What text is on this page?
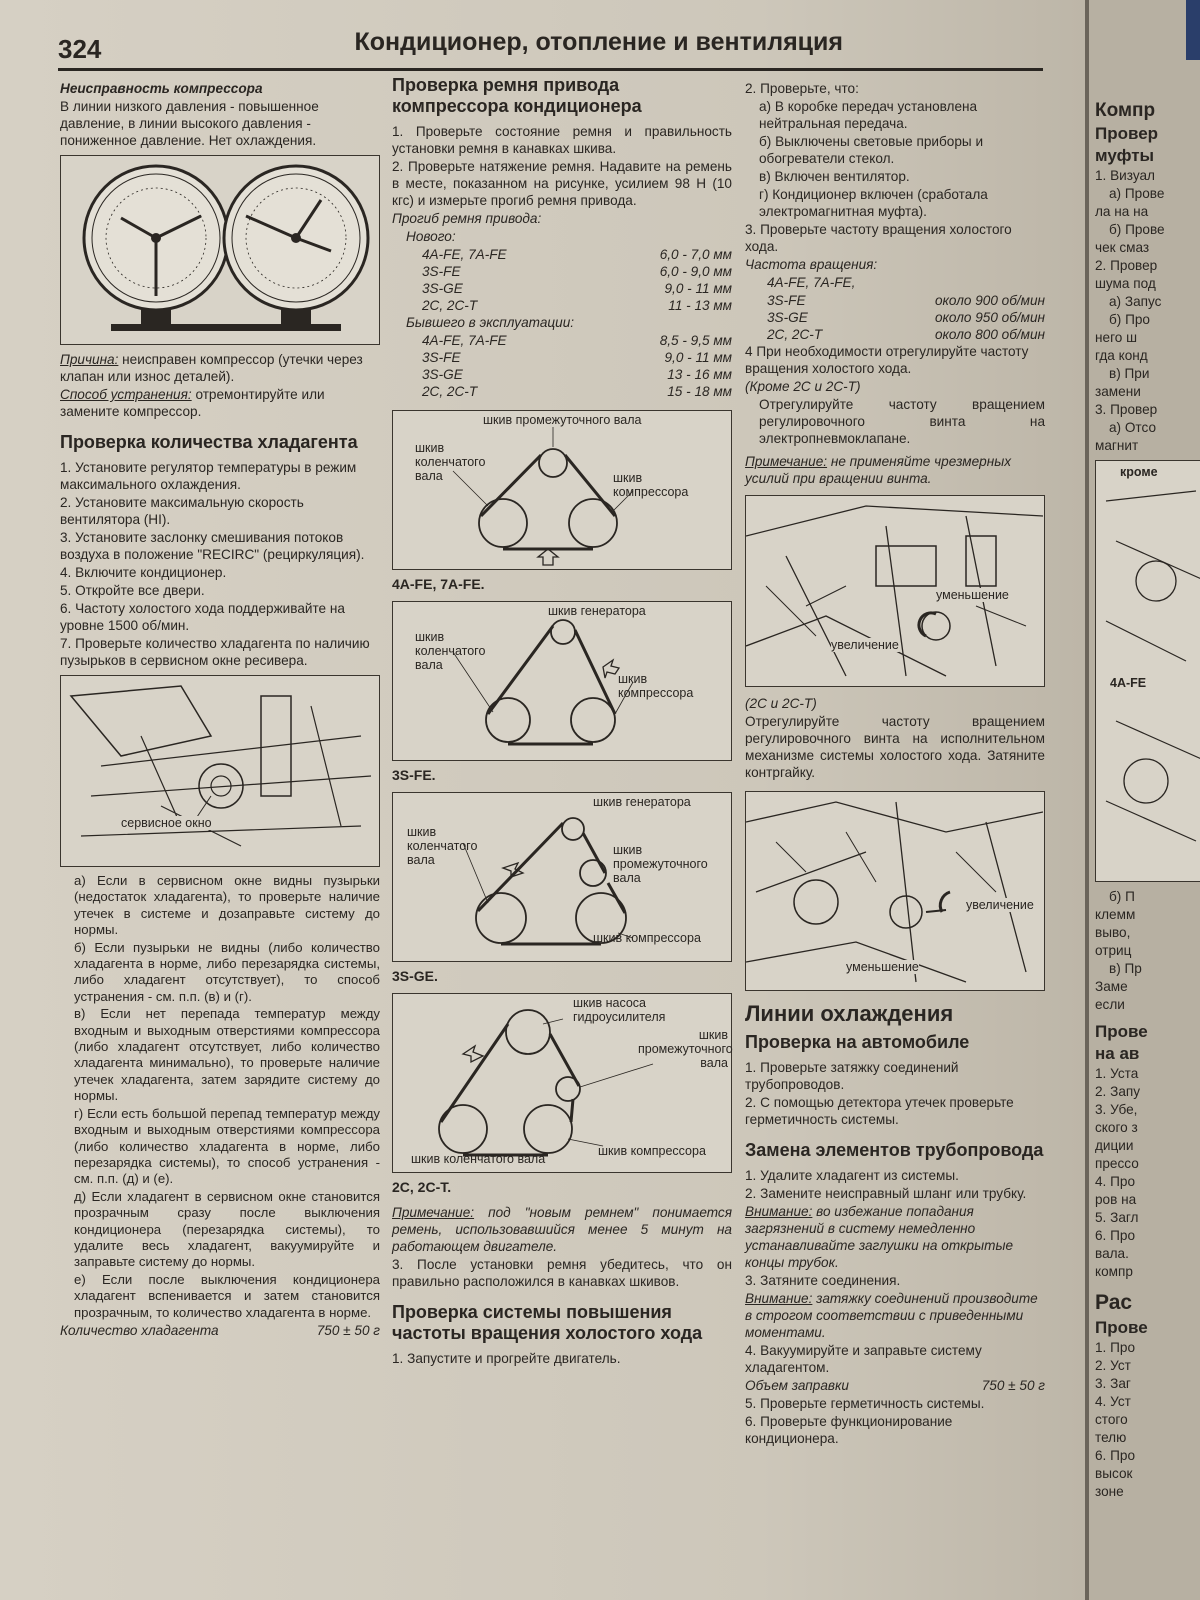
324	Кондиционер, отопление и вентиляция

Неисправность компрессора

В линии низкого давления - повышенное давление, в линии высокого давления - пониженное давление. Нет охлаждения.

Причина: неисправен компрессор (утечки через клапан или износ деталей).

Способ устранения: отремонтируйте или замените компрессор.

Проверка количества хладагента

1. Установите регулятор температуры в режим максимального охлаждения.

2. Установите максимальную скорость вентилятора (HI).

3. Установите заслонку смешивания потоков воздуха в положение "RECIRC" (рециркуляция).

4. Включите кондиционер.

5. Откройте все двери.

6. Частоту холостого хода поддерживайте на уровне 1500 об/мин.

7. Проверьте количество хладагента по наличию пузырьков в сервисном окне ресивера.

сервисное окно

а) Если в сервисном окне видны пузырьки (недостаток хладагента), то проверьте наличие утечек в системе и дозаправьте систему до нормы.

б) Если пузырьки не видны (либо количество хладагента в норме, либо перезарядка системы, либо хладагент отсутствует), то способ устранения - см. п.п. (в) и (г).

в) Если нет перепада температур между входным и выходным отверстиями компрессора (либо хладагент отсутствует, либо количество хладагента минимально), то проверьте наличие утечек хладагента, затем зарядите систему до нормы.

г) Если есть большой перепад температур между входным и выходным отверстиями компрессора (либо количество хладагента в норме, либо перезарядка системы), то способ устранения - см. п.п. (д) и (е).

д) Если хладагент в сервисном окне становится прозрачным сразу после выключения кондиционера (перезарядка системы), то удалите весь хладагент, вакуумируйте и заправьте систему до нормы.

е) Если после выключения кондиционера хладагент вспенивается и затем становится прозрачным, то количество хладагента в норме.

Количество хладагента	750 ± 50 г

Проверка ремня привода компрессора кондиционера

1. Проверьте состояние ремня и правильность установки ремня в канавках шкива.

2. Проверьте натяжение ремня. Надавите на ремень в месте, показанном на рисунке, усилием 98 Н (10 кгс) и измерьте прогиб ремня привода.

Прогиб ремня привода:

Нового:

4A-FE, 7A-FE	6,0 - 7,0 мм
3S-FE	6,0 - 9,0 мм
3S-GE	9,0 - 11 мм
2C, 2C-T	11 - 13 мм

Бывшего в эксплуатации:

4A-FE, 7A-FE	8,5 - 9,5 мм
3S-FE	9,0 - 11 мм
3S-GE	13 - 16 мм
2C, 2C-T	15 - 18 мм
шкив промежуточного вала
шкив коленчатого вала	шкив компрессора

4A-FE, 7A-FE.

шкив генератора
шкив коленчатого вала
шкив компрессора

3S-FE.

шкив генератора
шкив коленчатого вала
шкив промежуточного вала
шкив компрессора

3S-GE.

шкив насоса гидроусилителя
шкив промежуточного вала
шкив коленчатого вала
шкив компрессора

2C, 2C-T.

Примечание: под "новым ремнем" понимается ремень, использовавшийся менее 5 минут на работающем двигателе.

3. После установки ремня убедитесь, что он правильно расположился в канавках шкивов.

Проверка системы повышения частоты вращения холостого хода

1. Запустите и прогрейте двигатель.

2. Проверьте, что:

а) В коробке передач установлена нейтральная передача.

б) Выключены световые приборы и обогреватели стекол.

в) Включен вентилятор.

г) Кондиционер включен (сработала электромагнитная муфта).

3. Проверьте частоту вращения холостого хода.

Частота вращения:

4A-FE, 7A-FE,

3S-FE	около 900 об/мин
3S-GE	около 950 об/мин
2C, 2C-T	около 800 об/мин

4 При необходимости отрегулируйте частоту вращения холостого хода.

(Кроме 2С и 2С-Т)

Отрегулируйте частоту вращением регулировочного винта на электропневмоклапане.

Примечание: не применяйте чрезмерных усилий при вращении винта.

уменьшение
увеличение

(2С и 2С-Т)

Отрегулируйте частоту вращением регулировочного винта на исполнительном механизме системы холостого хода. Затяните контргайку.

увеличение
уменьшение
Линии охлаждения
Проверка на автомобиле

1. Проверьте затяжку соединений трубопроводов.

2. С помощью детектора утечек проверьте герметичность системы.

Замена элементов трубопровода

1. Удалите хладагент из системы.

2. Замените неисправный шланг или трубку.

Внимание: во избежание попадания загрязнений в систему немедленно устанавливайте заглушки на открытые концы трубок.

3. Затяните соединения.

Внимание: затяжку соединений производите в строгом соответствии с приведенными моментами.

4. Вакуумируйте и заправьте систему хладагентом.

Объем заправки	750 ± 50 г

5. Проверьте герметичность системы.

6. Проверьте функционирование кондиционера.

Компр

Провер

муфты

1. Визуал

а) Прове

ла на на

б) Прове

чек смаз

2. Провер

шума под

а) Запус

б) Про

него ш

гда конд

в) При

замени

3. Провер

а) Отсо

магнит

кроме
4A-FE

б) П

клемм

выво,

отриц

в) Пр

Заме

если

Прове

на ав

1. Уста

2. Запу

3. Убе,

ского з

диции

прессо

4. Про

ров на

5. Загл

6. Про

вала.

компр

Рас

Прове

1. Про

2. Уст

3. Заг

4. Уст

стого

телю

6. Про

высок

зоне
